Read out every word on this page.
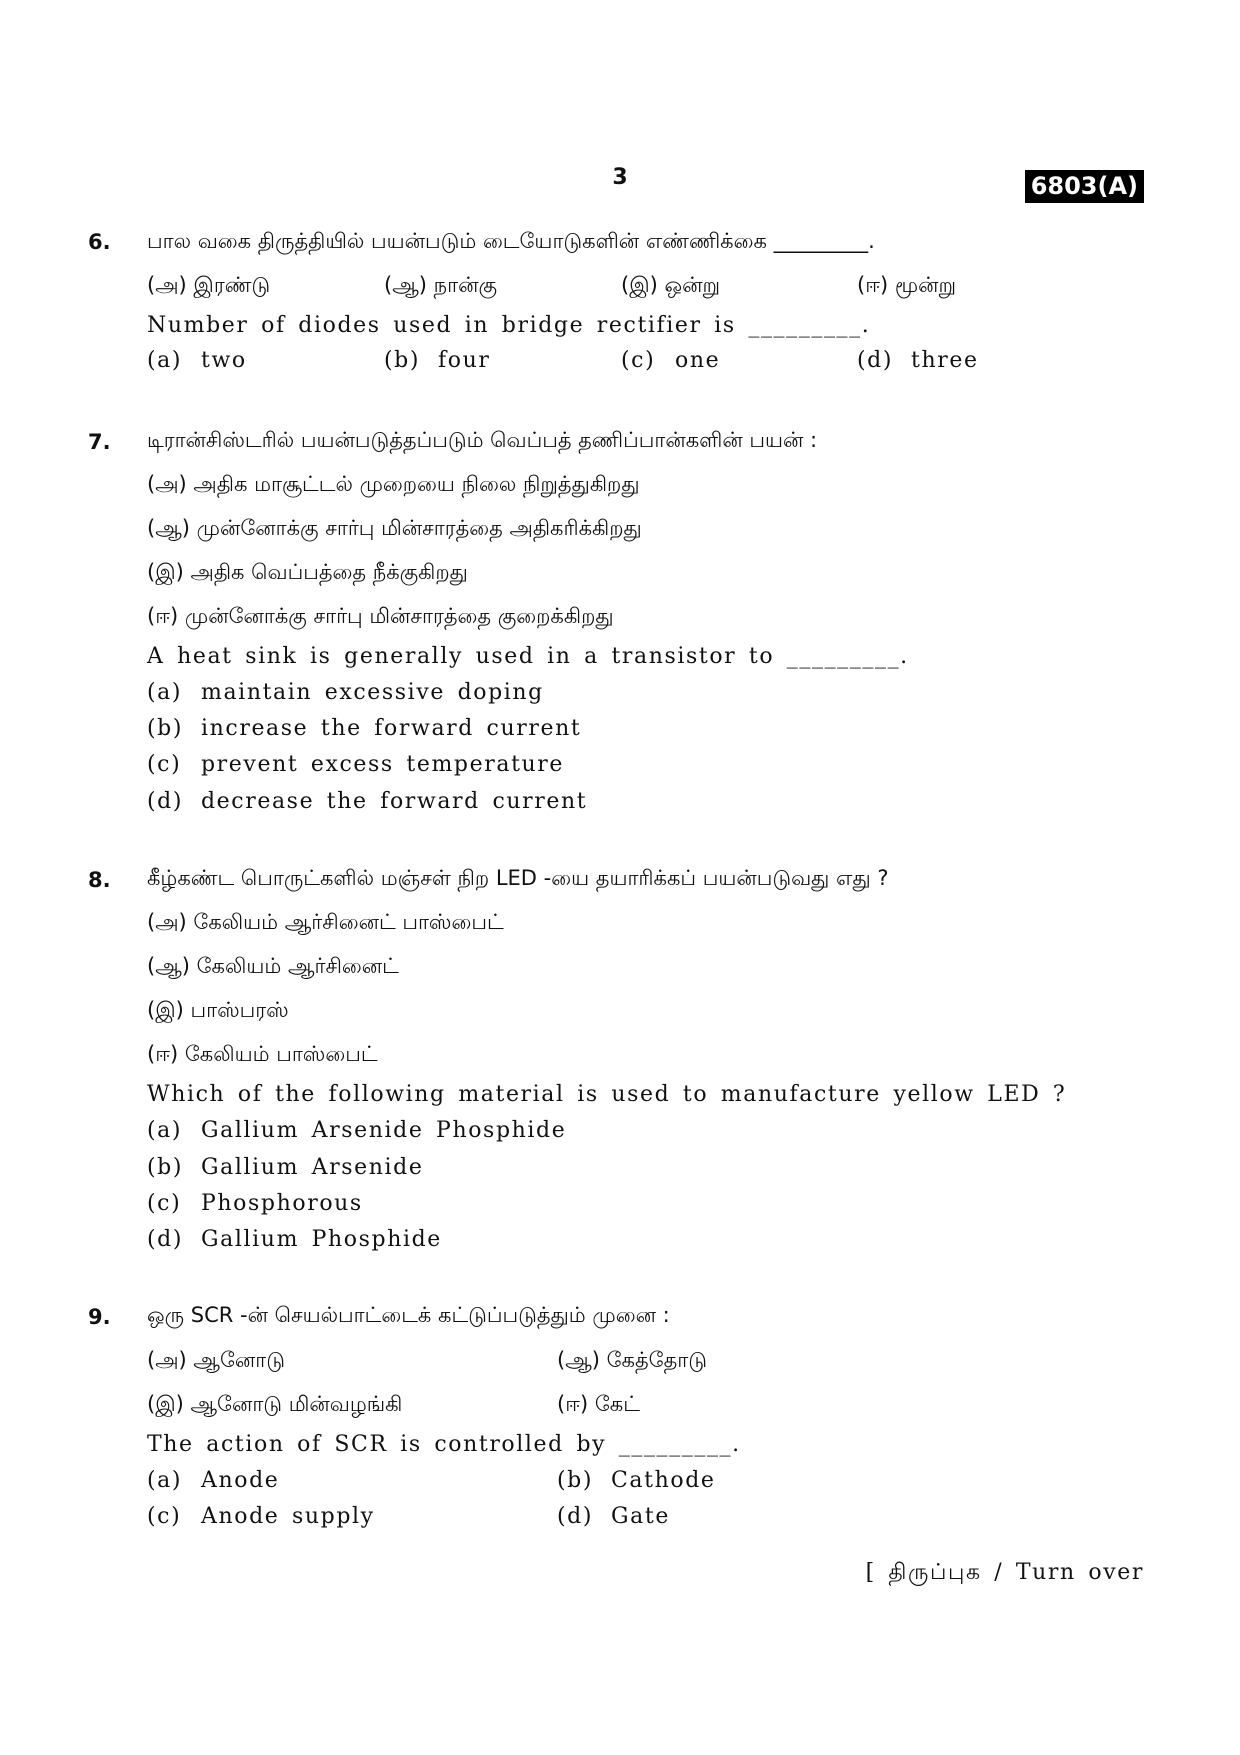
3	6803(A)
6. பால வகை திருத்தியில் பயன்படும் டையோடுகளின் எண்ணிக்கை _________.
(அ) இரண்டு	(ஆ) நான்கு	(இ) ஒன்று	(ஈ) மூன்று
Number of diodes used in bridge rectifier is _________.
(a) two	(b) four	(c) one	(d) three
7. டிரான்சிஸ்டரில் பயன்படுத்தப்படும் வெப்பத் தணிப்பான்களின் பயன் :
(அ) அதிக மாசூட்டல் முறையை நிலை நிறுத்துகிறது
(ஆ) முன்னோக்கு சார்பு மின்சாரத்தை அதிகரிக்கிறது
(இ) அதிக வெப்பத்தை நீக்குகிறது
(ஈ) முன்னோக்கு சார்பு மின்சாரத்தை குறைக்கிறது
A heat sink is generally used in a transistor to _________.
(a) maintain excessive doping
(b) increase the forward current
(c) prevent excess temperature
(d) decrease the forward current
8. கீழ்கண்ட பொருட்களில் மஞ்சள் நிற LED -யை தயாரிக்கப் பயன்படுவது எது ?
(அ) கேலியம் ஆர்சினைட் பாஸ்பைட்
(ஆ) கேலியம் ஆர்சினைட்
(இ) பாஸ்பரஸ்
(ஈ) கேலியம் பாஸ்பைட்
Which of the following material is used to manufacture yellow LED ?
(a) Gallium Arsenide Phosphide
(b) Gallium Arsenide
(c) Phosphorous
(d) Gallium Phosphide
9. ஒரு SCR -ன் செயல்பாட்டைக் கட்டுப்படுத்தும் முனை :
(அ) ஆனோடு	(ஆ) கேத்தோடு
(இ) ஆனோடு மின்வழங்கி	(ஈ) கேட்
The action of SCR is controlled by _________.
(a) Anode	(b) Cathode
(c) Anode supply	(d) Gate
[ திருப்புக / Turn over
